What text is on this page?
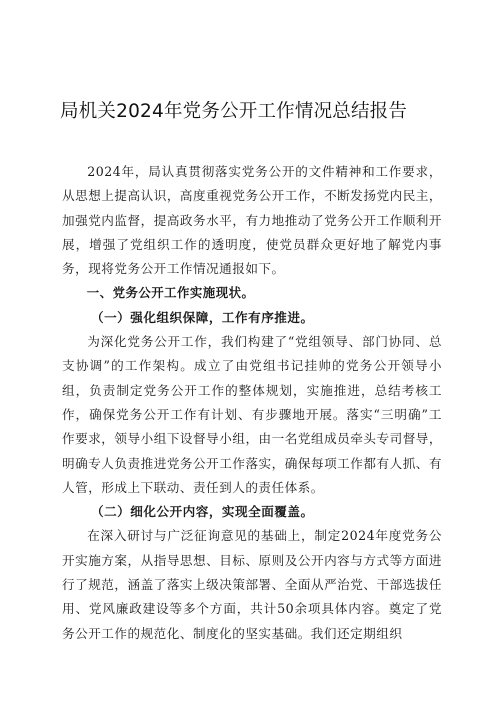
局机关2024年党务公开工作情况总结报告

2024年，局认真贯彻落实党务公开的文件精神和工作要求，从思想上提高认识，高度重视党务公开工作，不断发扬党内民主，加强党内监督，提高政务水平，有力地推动了党务公开工作顺利开展，增强了党组织工作的透明度，使党员群众更好地了解党内事务，现将党务公开工作情况通报如下。

一、党务公开工作实施现状。

（一）强化组织保障，工作有序推进。

为深化党务公开工作，我们构建了“党组领导、部门协同、总支协调”的工作架构。成立了由党组书记挂帅的党务公开领导小组，负责制定党务公开工作的整体规划，实施推进，总结考核工作，确保党务公开工作有计划、有步骤地开展。落实“三明确”工作要求，领导小组下设督导小组，由一名党组成员牵头专司督导，明确专人负责推进党务公开工作落实，确保每项工作都有人抓、有人管，形成上下联动、责任到人的责任体系。

（二）细化公开内容，实现全面覆盖。

在深入研讨与广泛征询意见的基础上，制定2024年度党务公开实施方案，从指导思想、目标、原则及公开内容与方式等方面进行了规范，涵盖了落实上级决策部署、全面从严治党、干部选拔任用、党风廉政建设等多个方面，共计50余项具体内容。奠定了党务公开工作的规范化、制度化的坚实基础。我们还定期组织
